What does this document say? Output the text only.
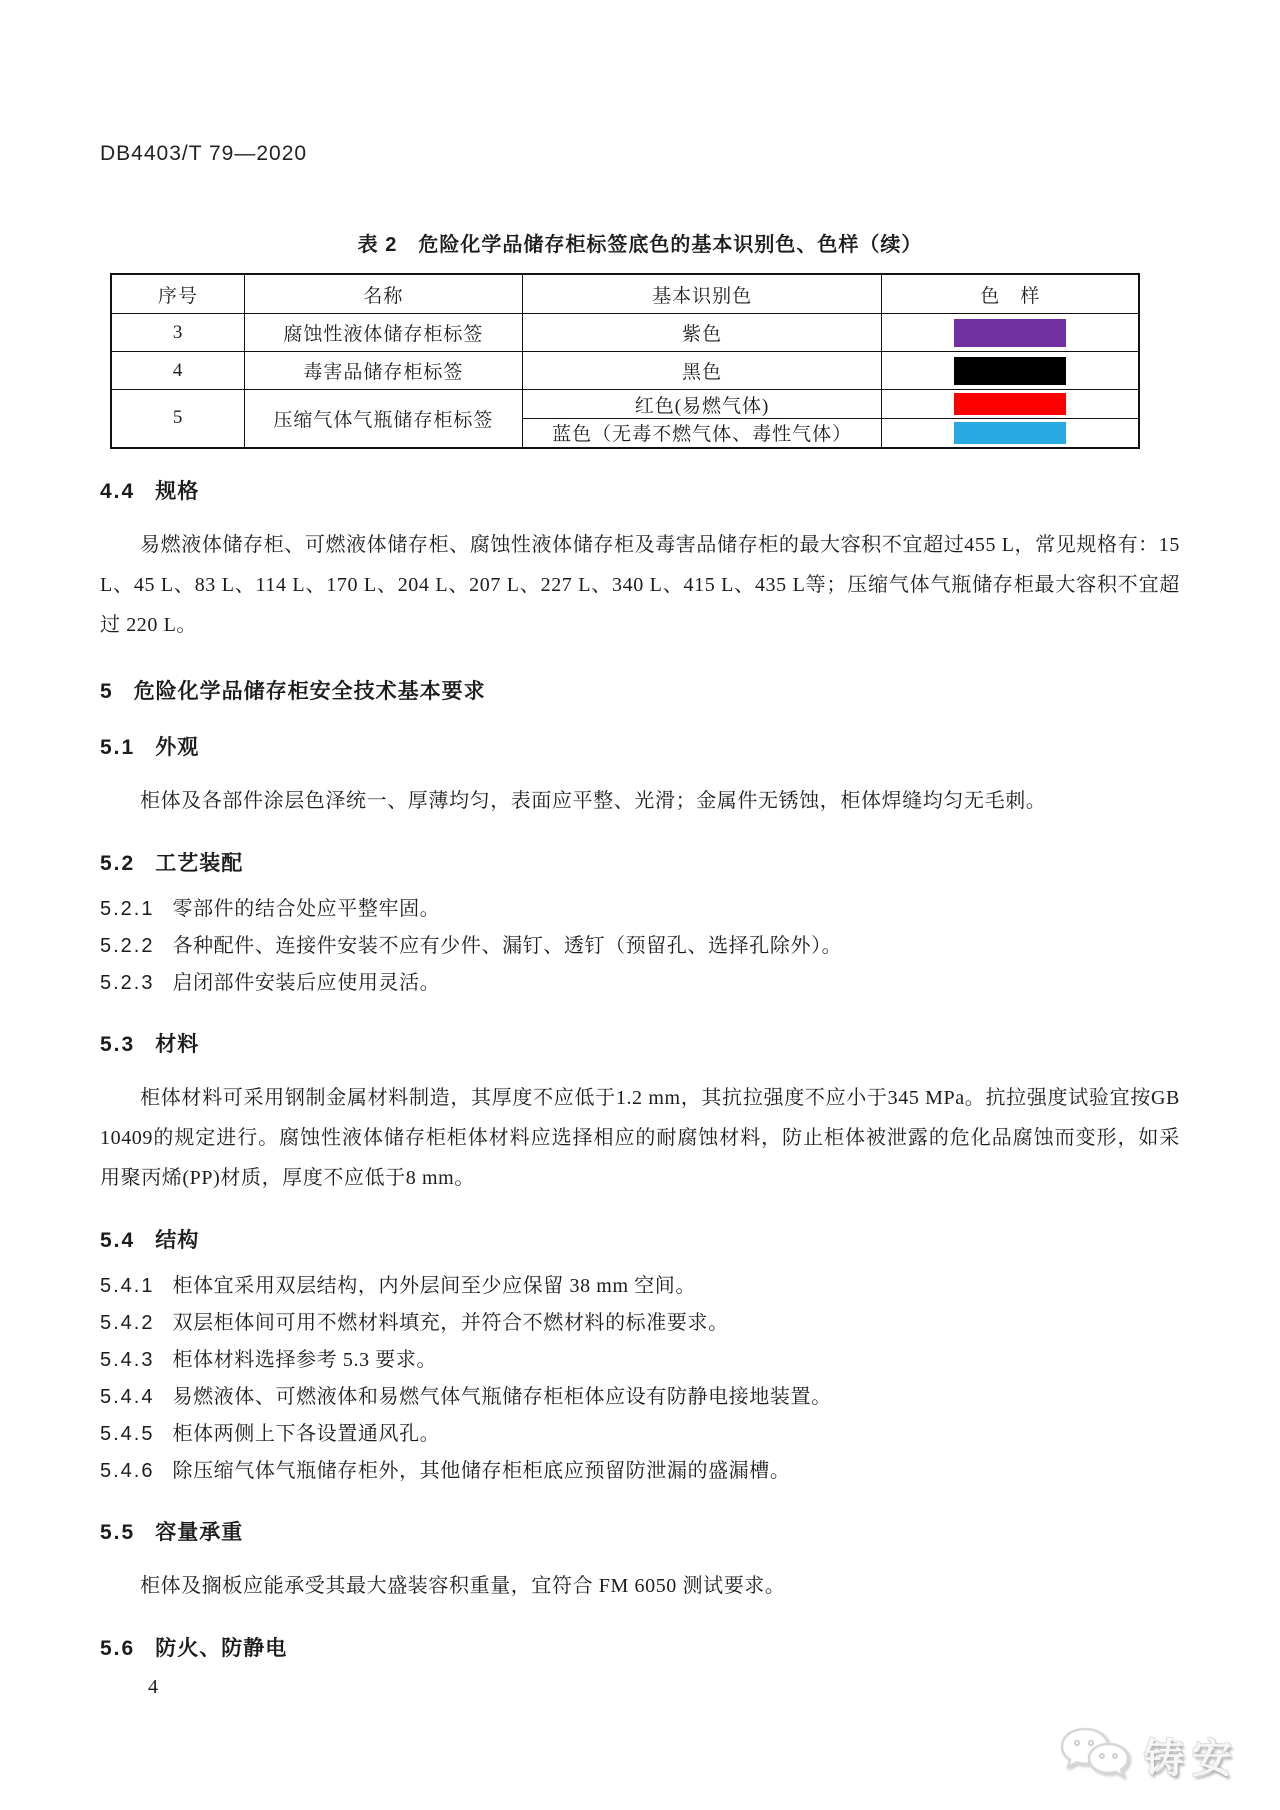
DB4403/T 79—2020
表 2　危险化学品储存柜标签底色的基本识别色、色样（续）
序号	名称	基本识别色	色　样
3	腐蚀性液体储存柜标签	紫色	

4	毒害品储存柜标签	黑色	

5	压缩气体气瓶储存柜标签	红色(易燃气体)	

		蓝色（无毒不燃气体、毒性气体）	
4.4 规格

易燃液体储存柜、可燃液体储存柜、腐蚀性液体储存柜及毒害品储存柜的最大容积不宜超过455 L，常见规格有：15 L、45 L、83 L、114 L、170 L、204 L、207 L、227 L、340 L、415 L、435 L等；压缩气体气瓶储存柜最大容积不宜超过 220 L。

5 危险化学品储存柜安全技术基本要求
5.1 外观

柜体及各部件涂层色泽统一、厚薄均匀，表面应平整、光滑；金属件无锈蚀，柜体焊缝均匀无毛刺。

5.2 工艺装配

5.2.1 零部件的结合处应平整牢固。

5.2.2 各种配件、连接件安装不应有少件、漏钉、透钉（预留孔、选择孔除外）。

5.2.3 启闭部件安装后应使用灵活。

5.3 材料

柜体材料可采用钢制金属材料制造，其厚度不应低于1.2 mm，其抗拉强度不应小于345 MPa。抗拉强度试验宜按GB 10409的规定进行。腐蚀性液体储存柜柜体材料应选择相应的耐腐蚀材料，防止柜体被泄露的危化品腐蚀而变形，如采用聚丙烯(PP)材质，厚度不应低于8 mm。

5.4 结构

5.4.1 柜体宜采用双层结构，内外层间至少应保留 38 mm 空间。

5.4.2 双层柜体间可用不燃材料填充，并符合不燃材料的标准要求。

5.4.3 柜体材料选择参考 5.3 要求。

5.4.4 易燃液体、可燃液体和易燃气体气瓶储存柜柜体应设有防静电接地装置。

5.4.5 柜体两侧上下各设置通风孔。

5.4.6 除压缩气体气瓶储存柜外，其他储存柜柜底应预留防泄漏的盛漏槽。

5.5 容量承重

柜体及搁板应能承受其最大盛装容积重量，宜符合 FM 6050 测试要求。

5.6 防火、防静电
4
铸安
